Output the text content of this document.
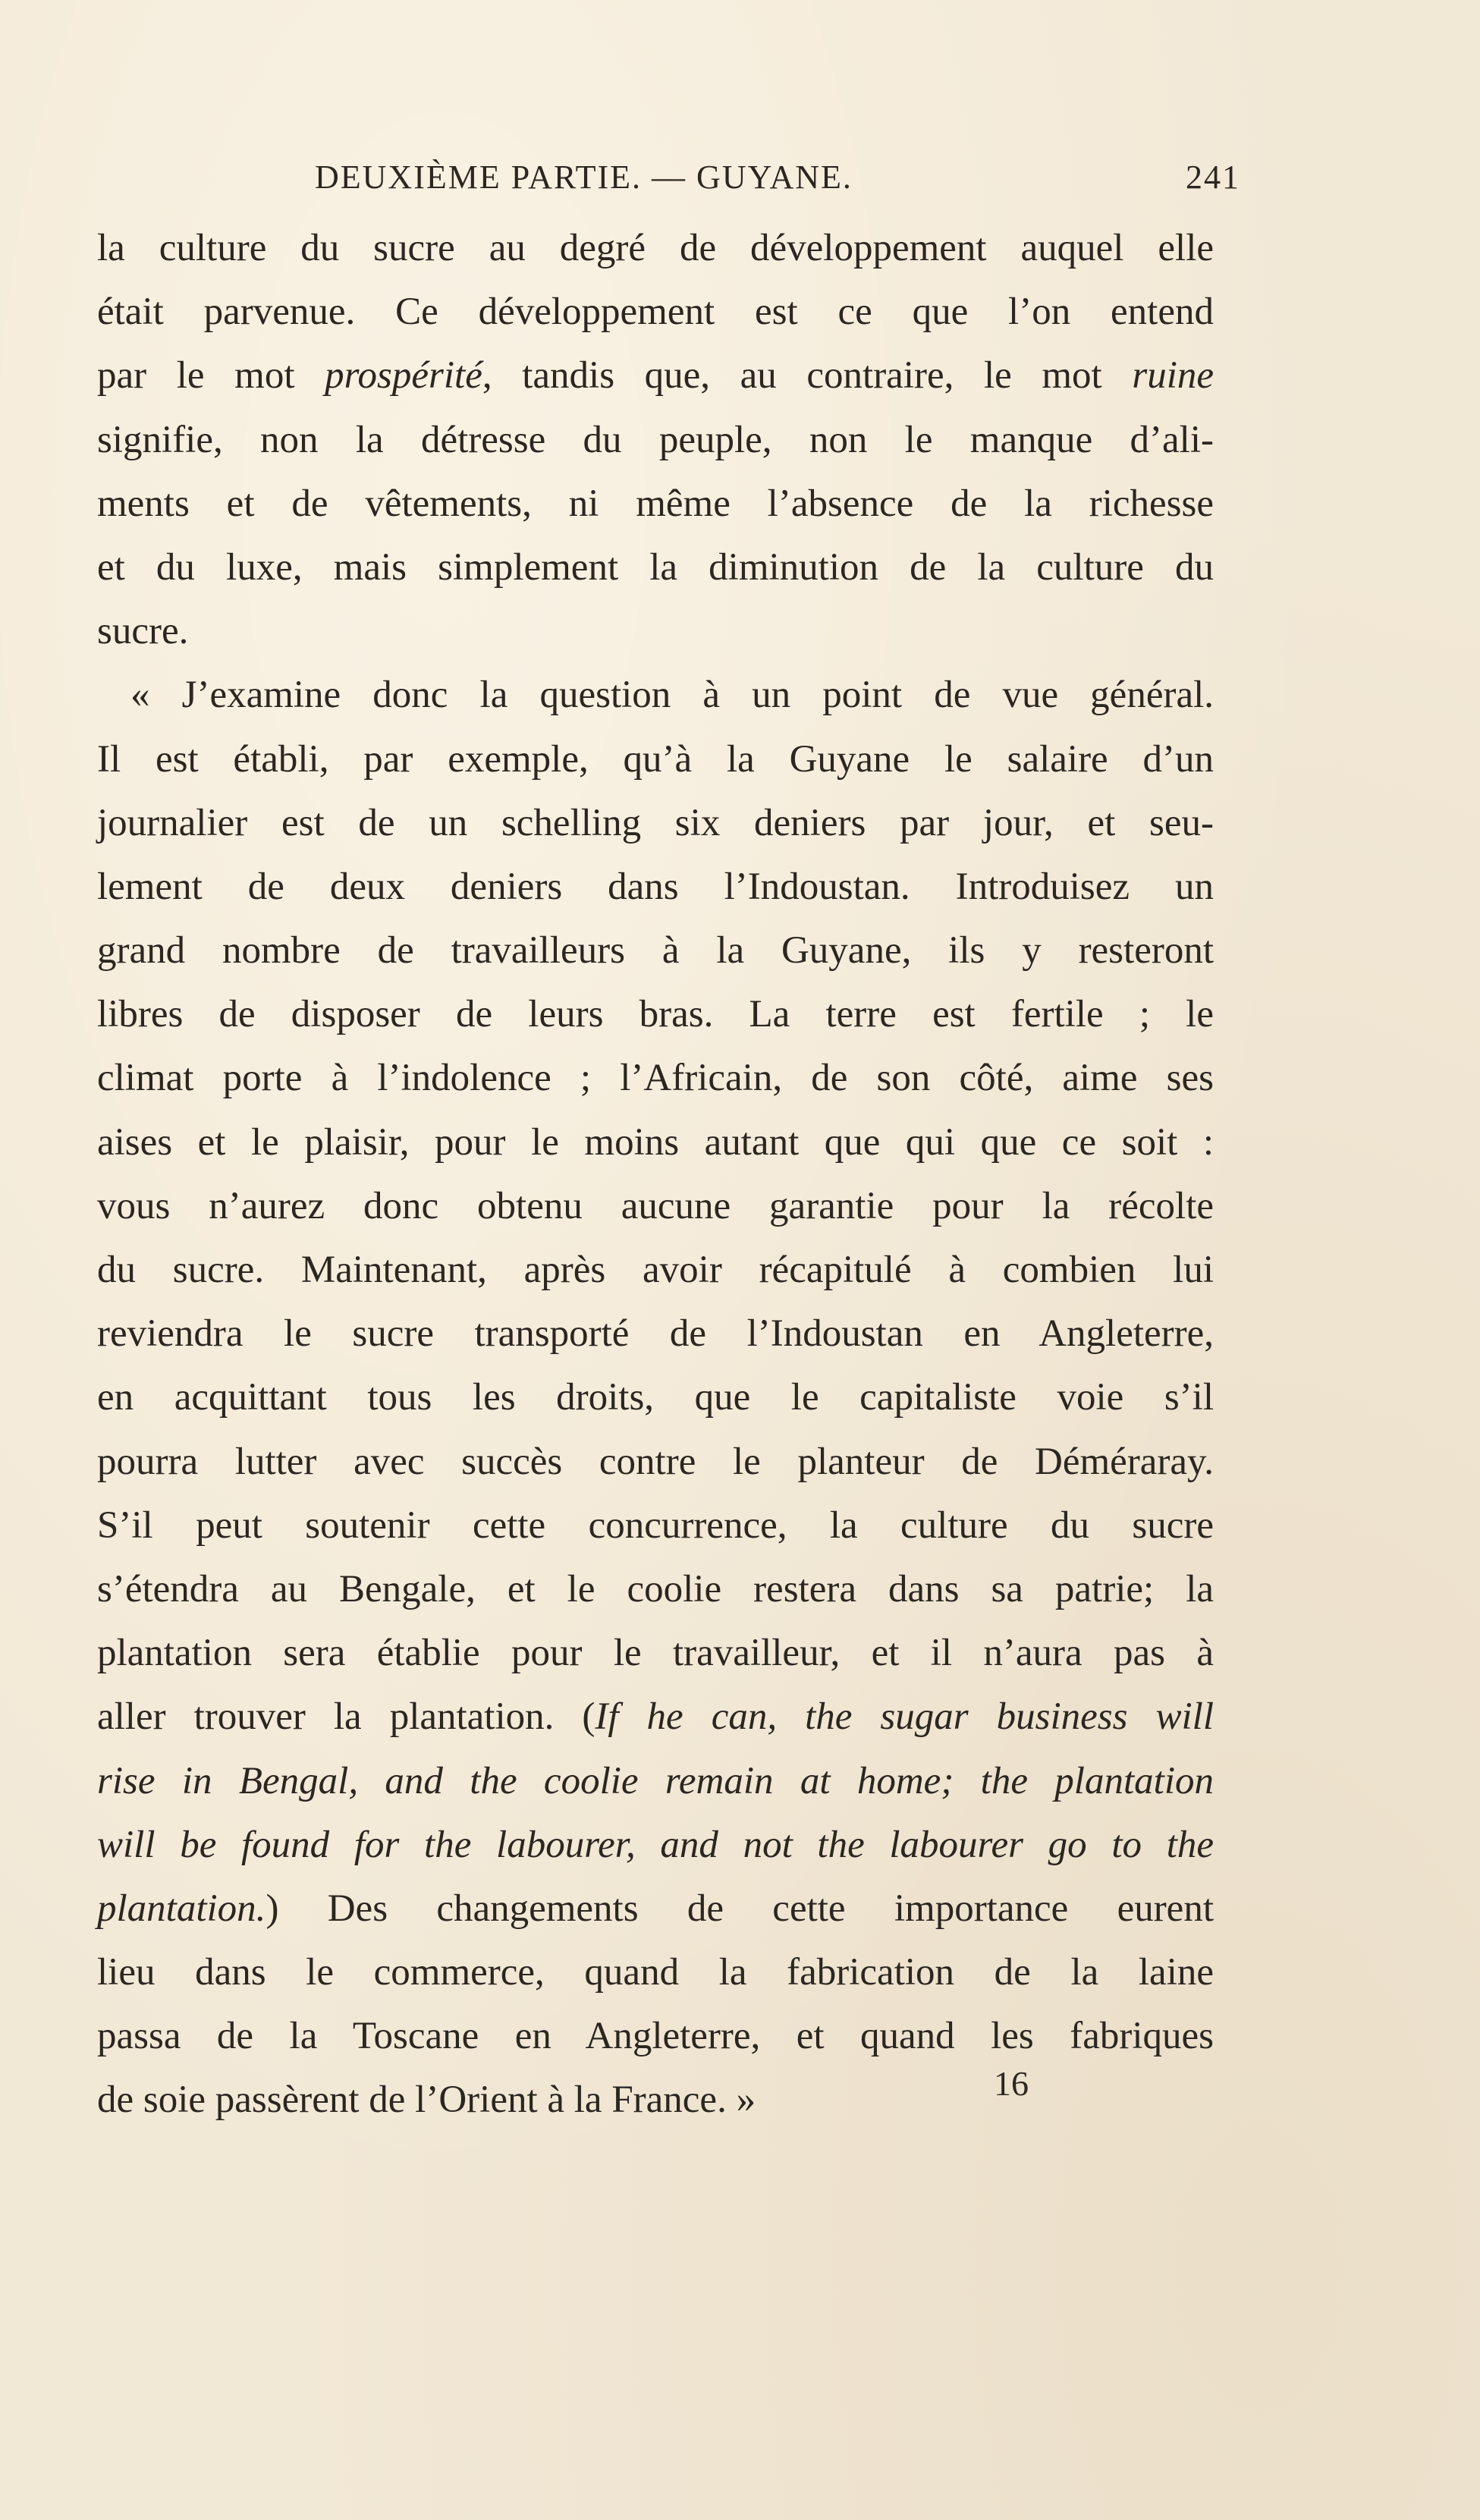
DEUXIÈME PARTIE. — GUYANE.	241
la culture du sucre au degré de développement auquel elle
était parvenue. Ce développement est ce que l’on entend
par le mot prospérité, tandis que, au contraire, le mot ruine
signifie, non la détresse du peuple, non le manque d’ali-
ments et de vêtements, ni même l’absence de la richesse
et du luxe, mais simplement la diminution de la culture du
sucre.
« J’examine donc la question à un point de vue général.
Il est établi, par exemple, qu’à la Guyane le salaire d’un
journalier est de un schelling six deniers par jour, et seu-
lement de deux deniers dans l’Indoustan. Introduisez un
grand nombre de travailleurs à la Guyane, ils y resteront
libres de disposer de leurs bras. La terre est fertile ; le
climat porte à l’indolence ; l’Africain, de son côté, aime ses
aises et le plaisir, pour le moins autant que qui que ce soit :
vous n’aurez donc obtenu aucune garantie pour la récolte
du sucre. Maintenant, après avoir récapitulé à combien lui
reviendra le sucre transporté de l’Indoustan en Angleterre,
en acquittant tous les droits, que le capitaliste voie s’il
pourra lutter avec succès contre le planteur de Déméraray.
S’il peut soutenir cette concurrence, la culture du sucre
s’étendra au Bengale, et le coolie restera dans sa patrie; la
plantation sera établie pour le travailleur, et il n’aura pas à
aller trouver la plantation. (If he can, the sugar business will
rise in Bengal, and the coolie remain at home; the plantation
will be found for the labourer, and not the labourer go to the
plantation.) Des changements de cette importance eurent
lieu dans le commerce, quand la fabrication de la laine
passa de la Toscane en Angleterre, et quand les fabriques
de soie passèrent de l’Orient à la France. »	16
